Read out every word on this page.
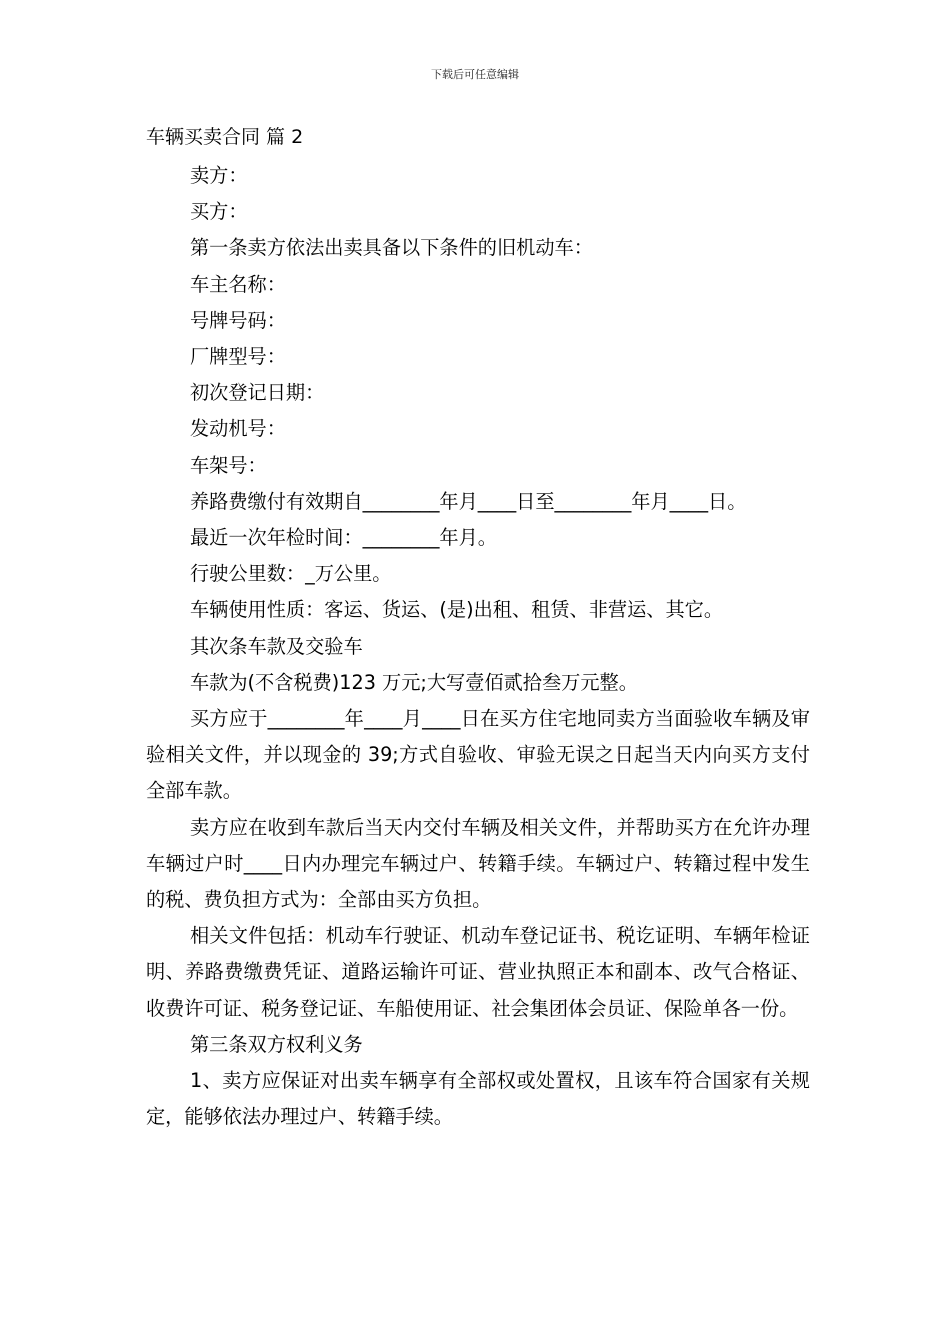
下载后可任意编辑
车辆买卖合同 篇 2

卖方：

买方：

第一条卖方依法出卖具备以下条件的旧机动车：

车主名称：

号牌号码：

厂牌型号：

初次登记日期：

发动机号：

车架号：

养路费缴付有效期自________年月____日至________年月____日。

最近一次年检时间：________年月。

行驶公里数：_万公里。

车辆使用性质：客运、货运、(是)出租、租赁、非营运、其它。

其次条车款及交验车

车款为(不含税费)123 万元;大写壹佰贰拾叁万元整。

买方应于________年____月____日在买方住宅地同卖方当面验收车辆及审验相关文件，并以现金的 39;方式自验收、审验无误之日起当天内向买方支付全部车款。

卖方应在收到车款后当天内交付车辆及相关文件，并帮助买方在允许办理车辆过户时____日内办理完车辆过户、转籍手续。车辆过户、转籍过程中发生的税、费负担方式为：全部由买方负担。

相关文件包括：机动车行驶证、机动车登记证书、税讫证明、车辆年检证明、养路费缴费凭证、道路运输许可证、营业执照正本和副本、改气合格证、收费许可证、税务登记证、车船使用证、社会集团体会员证、保险单各一份。

第三条双方权利义务

1、卖方应保证对出卖车辆享有全部权或处置权，且该车符合国家有关规定，能够依法办理过户、转籍手续。
